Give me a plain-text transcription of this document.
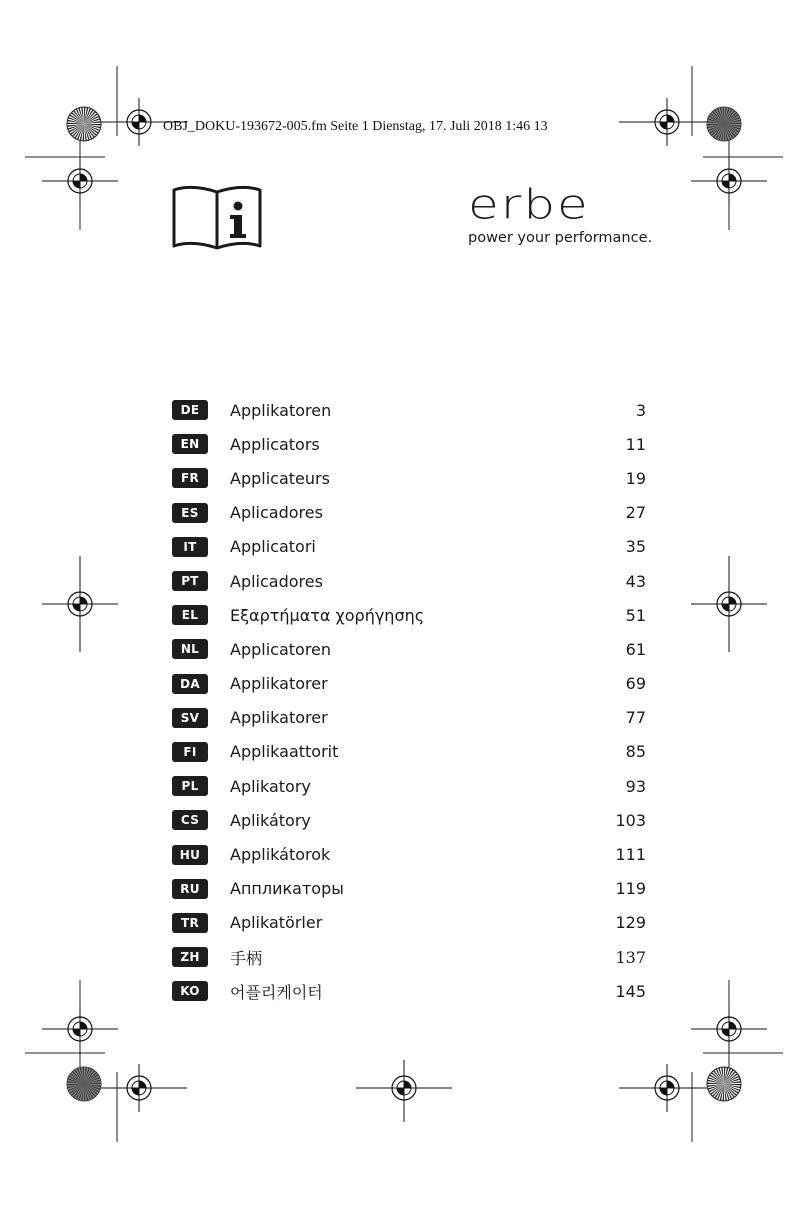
OBJ_DOKU-193672-005.fm Seite 1 Dienstag, 17. Juli 2018 1:46 13
erbe
power your performance.
DE	Applikatoren	3
EN	Applicators	11
FR	Applicateurs	19
ES	Aplicadores	27
IT	Applicatori	35
PT	Aplicadores	43
EL	Εξαρτήματα χορήγησης	51
NL	Applicatoren	61
DA	Applikatorer	69
SV	Applikatorer	77
FI	Applikaattorit	85
PL	Aplikatory	93
CS	Aplikátory	103
HU	Applikátorok	111
RU	Аппликаторы	119
TR	Aplikatörler	129
ZH	手柄	137
KO	어플리케이터	145
